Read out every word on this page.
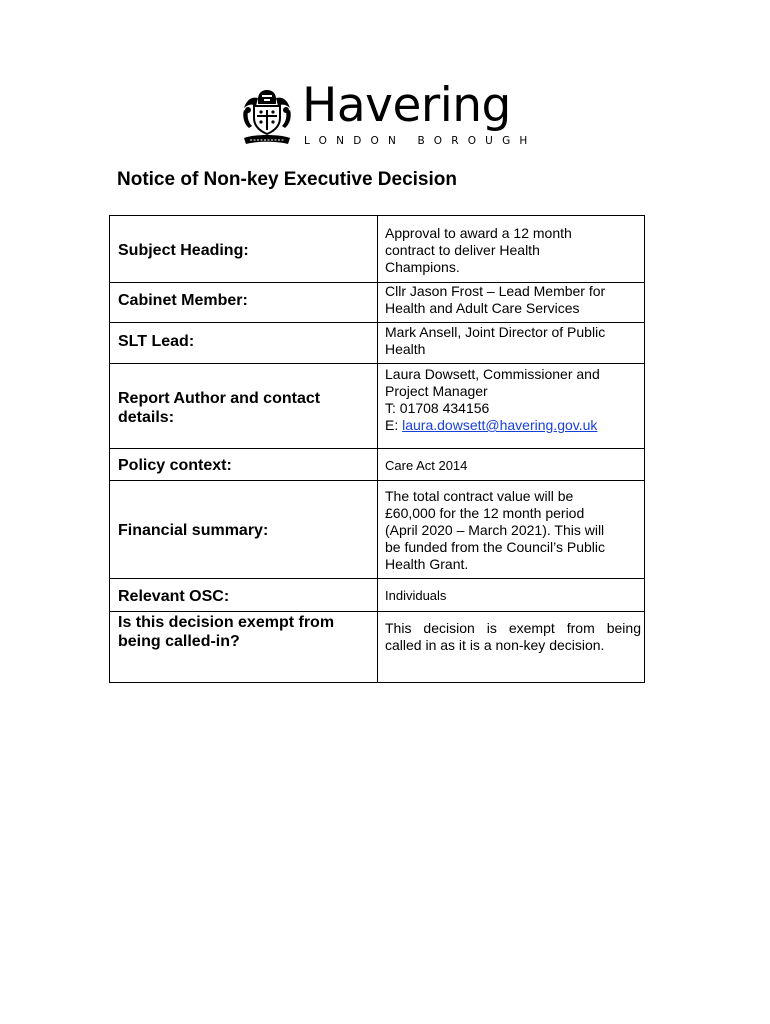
Havering
LONDON BOROUGH
Notice of Non-key Executive Decision
Subject Heading:
Approval to award a 12 month
contract to deliver Health
Champions.
Cabinet Member:
Cllr Jason Frost – Lead Member for
Health and Adult Care Services
SLT Lead:
Mark Ansell, Joint Director of Public
Health
Report Author and contact
details:
Laura Dowsett, Commissioner and
Project Manager
T: 01708 434156
E: laura.dowsett@havering.gov.uk
Policy context:	Care Act 2014
Financial summary:
The total contract value will be
£60,000 for the 12 month period
(April 2020 – March 2021). This will
be funded from the Council’s Public
Health Grant.
Relevant OSC:	Individuals
Is this decision exempt from
being called-in?
This decision is exempt from being
called in as it is a non-key decision.
